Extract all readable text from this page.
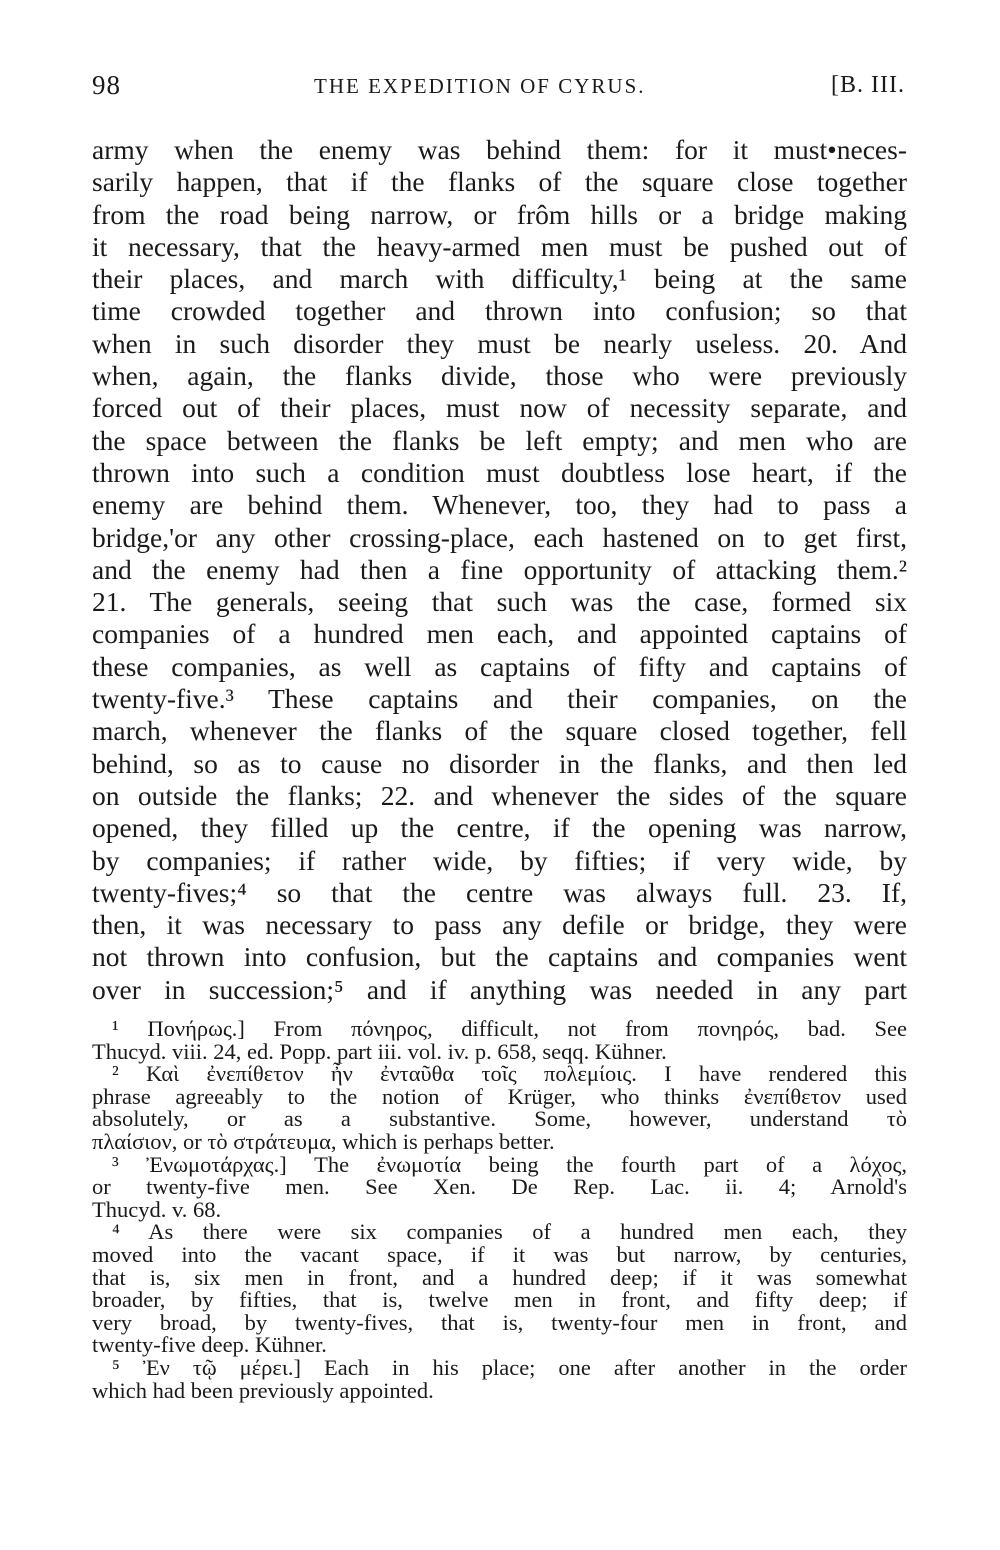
98	THE EXPEDITION OF CYRUS.	[B. III.
army when the enemy was behind them: for it must•neces-
sarily happen, that if the flanks of the square close together
from the road being narrow, or frôm hills or a bridge making
it necessary, that the heavy-armed men must be pushed out of
their places, and march with difficulty,¹ being at the same
time crowded together and thrown into confusion; so that
when in such disorder they must be nearly useless. 20. And
when, again, the flanks divide, those who were previously
forced out of their places, must now of necessity separate, and
the space between the flanks be left empty; and men who are
thrown into such a condition must doubtless lose heart, if the
enemy are behind them. Whenever, too, they had to pass a
bridge,'or any other crossing-place, each hastened on to get first,
and the enemy had then a fine opportunity of attacking them.²
21. The generals, seeing that such was the case, formed six
companies of a hundred men each, and appointed captains of
these companies, as well as captains of fifty and captains of
twenty-five.³ These captains and their companies, on the
march, whenever the flanks of the square closed together, fell
behind, so as to cause no disorder in the flanks, and then led
on outside the flanks; 22. and whenever the sides of the square
opened, they filled up the centre, if the opening was narrow,
by companies; if rather wide, by fifties; if very wide, by
twenty-fives;⁴ so that the centre was always full. 23. If,
then, it was necessary to pass any defile or bridge, they were
not thrown into confusion, but the captains and companies went
over in succession;⁵ and if anything was needed in any part
¹ Πονήρως.] From πόνηρος, difficult, not from πονηρός, bad. See
Thucyd. viii. 24, ed. Popp. part iii. vol. iv. p. 658, seqq. Kühner.
² Καὶ ἐνεπίθετον ἦν ἐνταῦθα τοῖς πολεμίοις. I have rendered this
phrase agreeably to the notion of Krüger, who thinks ἐνεπίθετον used
absolutely, or as a substantive. Some, however, understand τὸ
πλαίσιον, or τὸ στράτευμα, which is perhaps better.
³ Ἐνωμοτάρχας.] The ἐνωμοτία being the fourth part of a λόχος,
or twenty-five men. See Xen. De Rep. Lac. ii. 4; Arnold's
Thucyd. v. 68.
⁴ As there were six companies of a hundred men each, they
moved into the vacant space, if it was but narrow, by centuries,
that is, six men in front, and a hundred deep; if it was somewhat
broader, by fifties, that is, twelve men in front, and fifty deep; if
very broad, by twenty-fives, that is, twenty-four men in front, and
twenty-five deep. Kühner.
⁵ Ἐν τῷ μέρει.] Each in his place; one after another in the order
which had been previously appointed.
